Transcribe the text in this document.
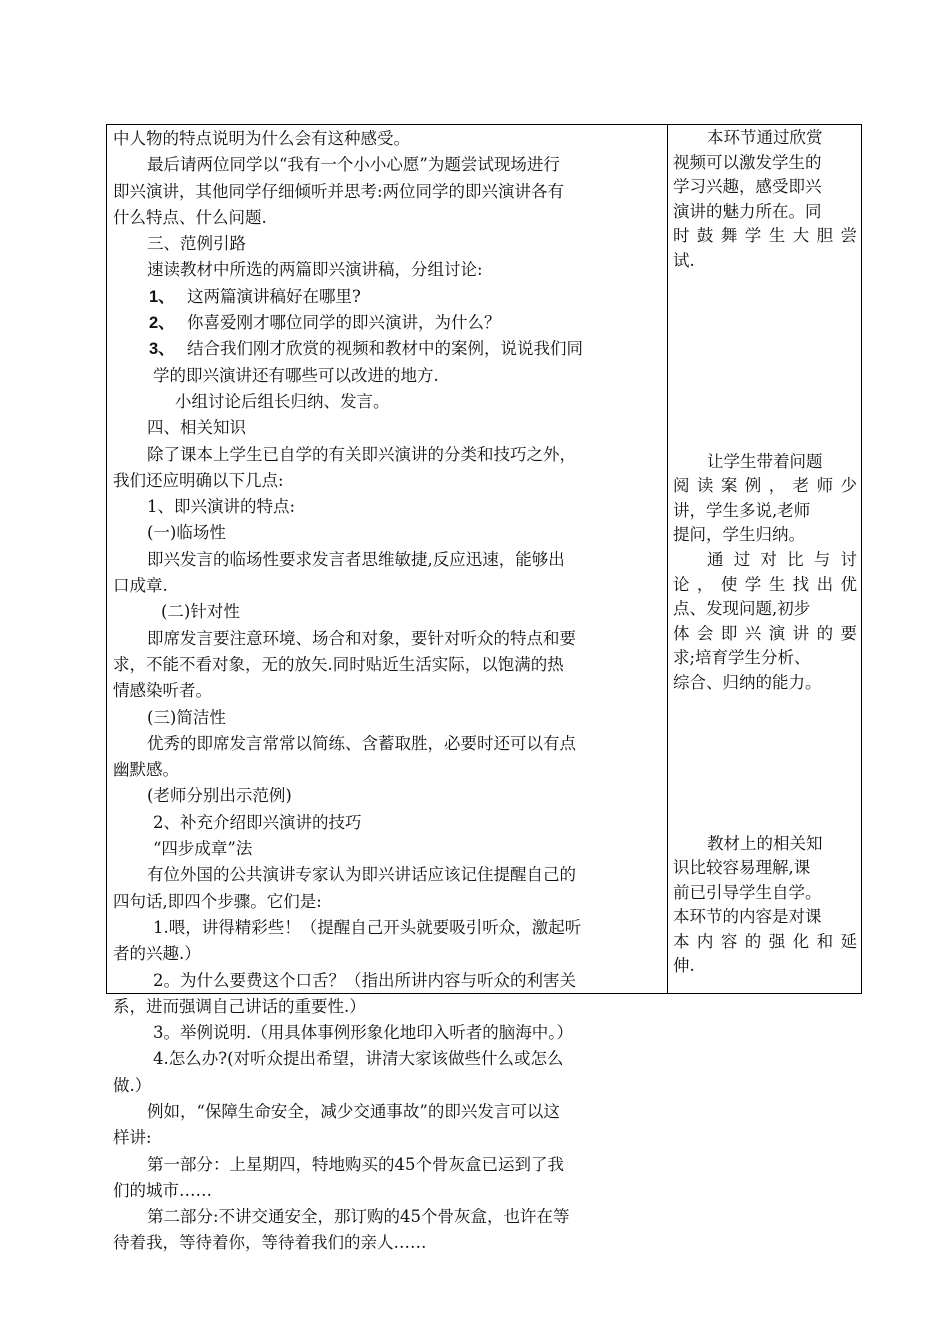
中人物的特点说明为什么会有这种感受。
最后请两位同学以“我有一个小小心愿”为题尝试现场进行
即兴演讲，其他同学仔细倾听并思考:两位同学的即兴演讲各有
什么特点、什么问题.
三、范例引路
速读教材中所选的两篇即兴演讲稿，分组讨论:
1、 这两篇演讲稿好在哪里?
2、 你喜爱刚才哪位同学的即兴演讲，为什么？
3、 结合我们刚才欣赏的视频和教材中的案例，说说我们同
学的即兴演讲还有哪些可以改进的地方.
小组讨论后组长归纳、发言。
四、相关知识
除了课本上学生已自学的有关即兴演讲的分类和技巧之外，
我们还应明确以下几点:
1、即兴演讲的特点:
(一)临场性
即兴发言的临场性要求发言者思维敏捷,反应迅速，能够出
口成章.
(二)针对性
即席发言要注意环境、场合和对象，要针对听众的特点和要
求，不能不看对象，无的放矢.同时贴近生活实际，以饱满的热
情感染听者。
(三)简洁性
优秀的即席发言常常以简练、含蓄取胜，必要时还可以有点
幽默感。
(老师分别出示范例)
2、补充介绍即兴演讲的技巧
“四步成章”法
有位外国的公共演讲专家认为即兴讲话应该记住提醒自己的
四句话,即四个步骤。它们是:
1.喂，讲得精彩些！（提醒自己开头就要吸引听众，激起听
者的兴趣.）
2。为什么要费这个口舌？（指出所讲内容与听众的利害关
系，进而强调自己讲话的重要性.）
3。举例说明.（用具体事例形象化地印入听者的脑海中。）
4.怎么办?(对听众提出希望，讲清大家该做些什么或怎么
做.）
例如，“保障生命安全，减少交通事故”的即兴发言可以这
样讲:
第一部分：上星期四，特地购买的45个骨灰盒已运到了我
们的城市……
第二部分:不讲交通安全，那订购的45个骨灰盒，也许在等
待着我，等待着你，等待着我们的亲人……
本环节通过欣赏
视频可以激发学生的
学习兴趣，感受即兴
演讲的魅力所在。同
时鼓舞学生大胆尝
试.
让学生带着问题
阅读案例，老师少
讲，学生多说,老师
提问，学生归纳。
通过对比与讨
论，使学生找出优
点、发现问题,初步
体会即兴演讲的要
求;培育学生分析、
综合、归纳的能力。
教材上的相关知
识比较容易理解,课
前已引导学生自学。
本环节的内容是对课
本内容的强化和延
伸.
